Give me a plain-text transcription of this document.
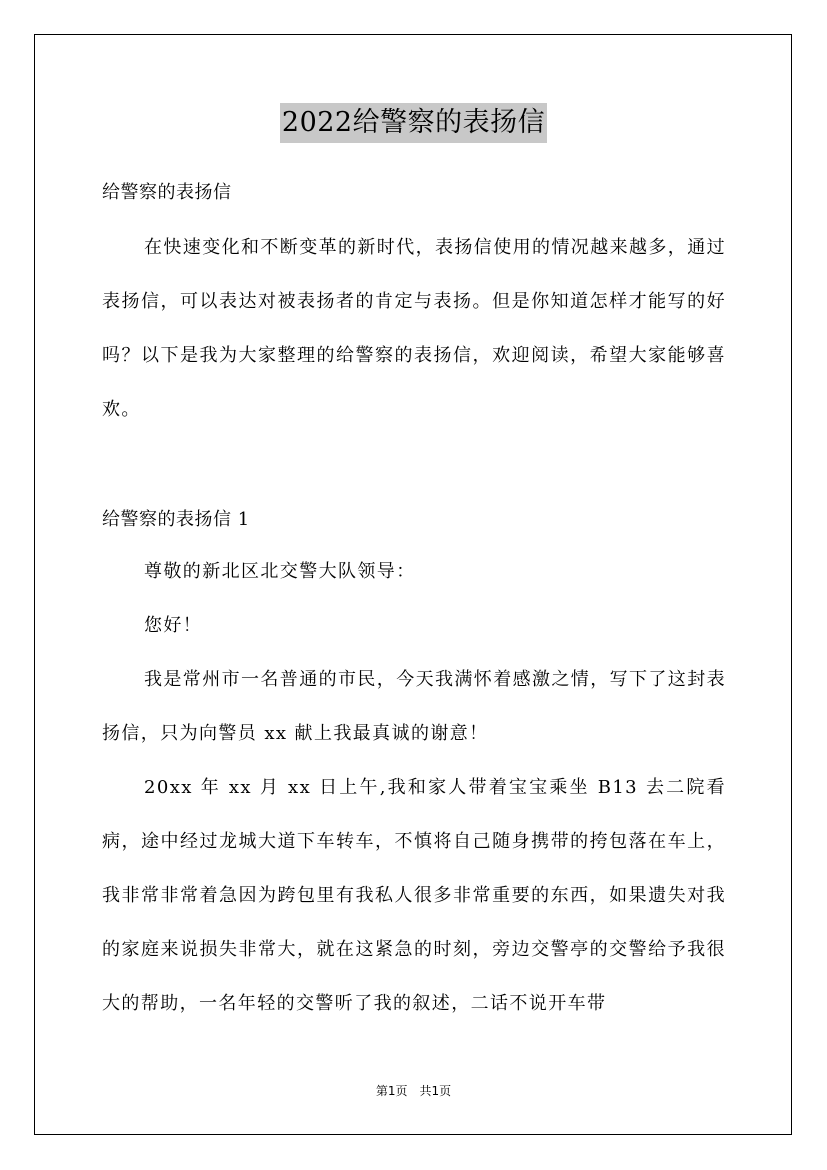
2022给警察的表扬信

给警察的表扬信

在快速变化和不断变革的新时代，表扬信使用的情况越来越多，通过表扬信，可以表达对被表扬者的肯定与表扬。但是你知道怎样才能写的好吗？以下是我为大家整理的给警察的表扬信，欢迎阅读，希望大家能够喜欢。

给警察的表扬信 1

尊敬的新北区北交警大队领导：

您好！

我是常州市一名普通的市民，今天我满怀着感激之情，写下了这封表扬信，只为向警员 xx 献上我最真诚的谢意！

20xx 年 xx 月 xx 日上午,我和家人带着宝宝乘坐 B13 去二院看病，途中经过龙城大道下车转车，不慎将自己随身携带的挎包落在车上，我非常非常着急因为跨包里有我私人很多非常重要的东西，如果遗失对我的家庭来说损失非常大，就在这紧急的时刻，旁边交警亭的交警给予我很大的帮助，一名年轻的交警听了我的叙述，二话不说开车带

第1页　共1页
